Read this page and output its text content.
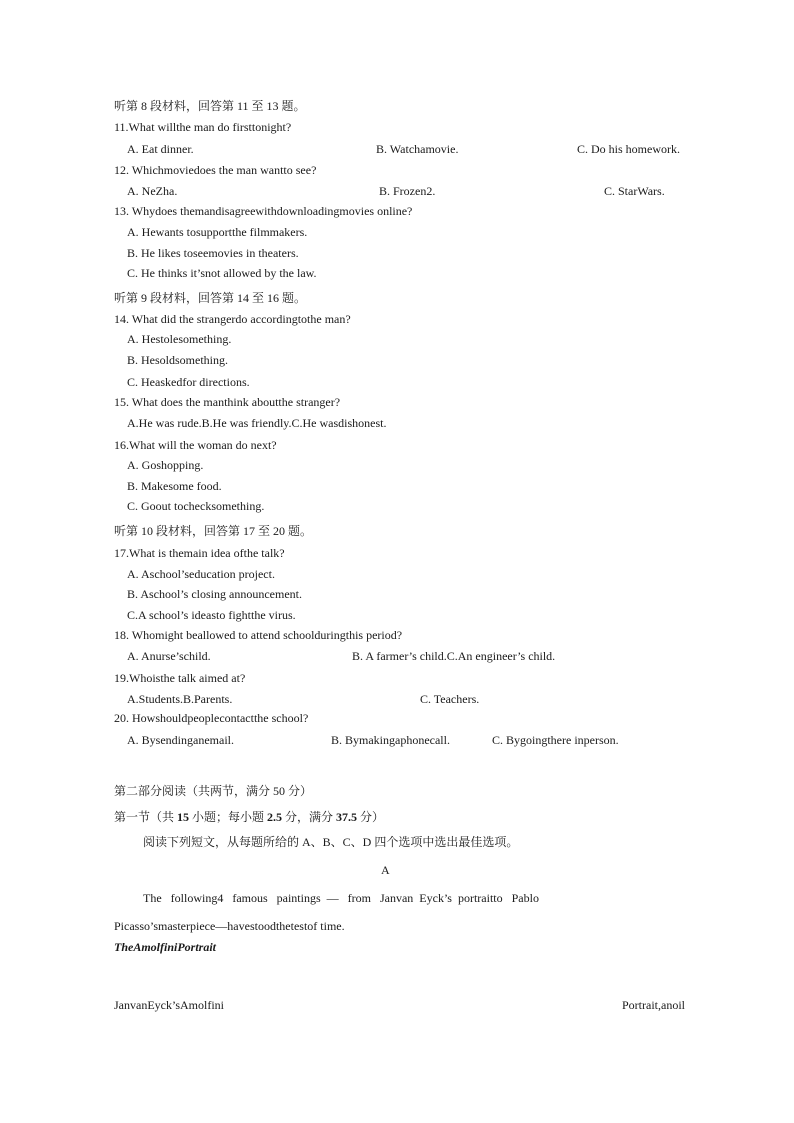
听第 8 段材料，回答第 11 至 13 题。
11.What willthe man do firsttonight?
A. Eat dinner.	B. Watchamovie.	C. Do his homework.
12. Whichmoviedoes the man wantto see?
A. NeZha.	B. Frozen2.	C. StarWars.
13. Whydoes themandisagreewithdownloadingmovies online?
A. Hewants tosupportthe filmmakers.
B. He likes toseemovies in theaters.
C. He thinks it’snot allowed by the law.
听第 9 段材料，回答第 14 至 16 题。
14. What did the strangerdo accordingtothe man?
A. Hestolesomething.
B. Hesoldsomething.
C. Heaskedfor directions.
15. What does the manthink aboutthe stranger?
A.He was rude.B.He was friendly.C.He wasdishonest.
16.What will the woman do next?
A. Goshopping.
B. Makesome food.
C. Goout tochecksomething.
听第 10 段材料，回答第 17 至 20 题。
17.What is themain idea ofthe talk?
A. Aschool’seducation project.
B. Aschool’s closing announcement.
C.A school’s ideasto fightthe virus.
18. Whomight beallowed to attend schoolduringthis period?
A. Anurse’schild.	B. A farmer’s child.C.An engineer’s child.
19.Whoisthe talk aimed at?
A.Students.B.Parents.	C. Teachers.
20. Howshouldpeoplecontactthe school?
A. Bysendinganemail.	B. Bymakingaphonecall.	C. Bygoingthere inperson.
第二部分阅读（共两节，满分 50 分）
第一节（共 15 小题；每小题 2.5 分，满分 37.5 分）
阅读下列短文，从每题所给的 A、B、C、D 四个选项中选出最佳选项。
A
The   following4   famous   paintings  —   from   Janvan  Eyck’s  portraitto   Pablo
Picasso’smasterpiece—havestoodthetestof time.
TheAmolfiniPortrait
JanvanEyck’sAmolfini	Portrait,anoil
